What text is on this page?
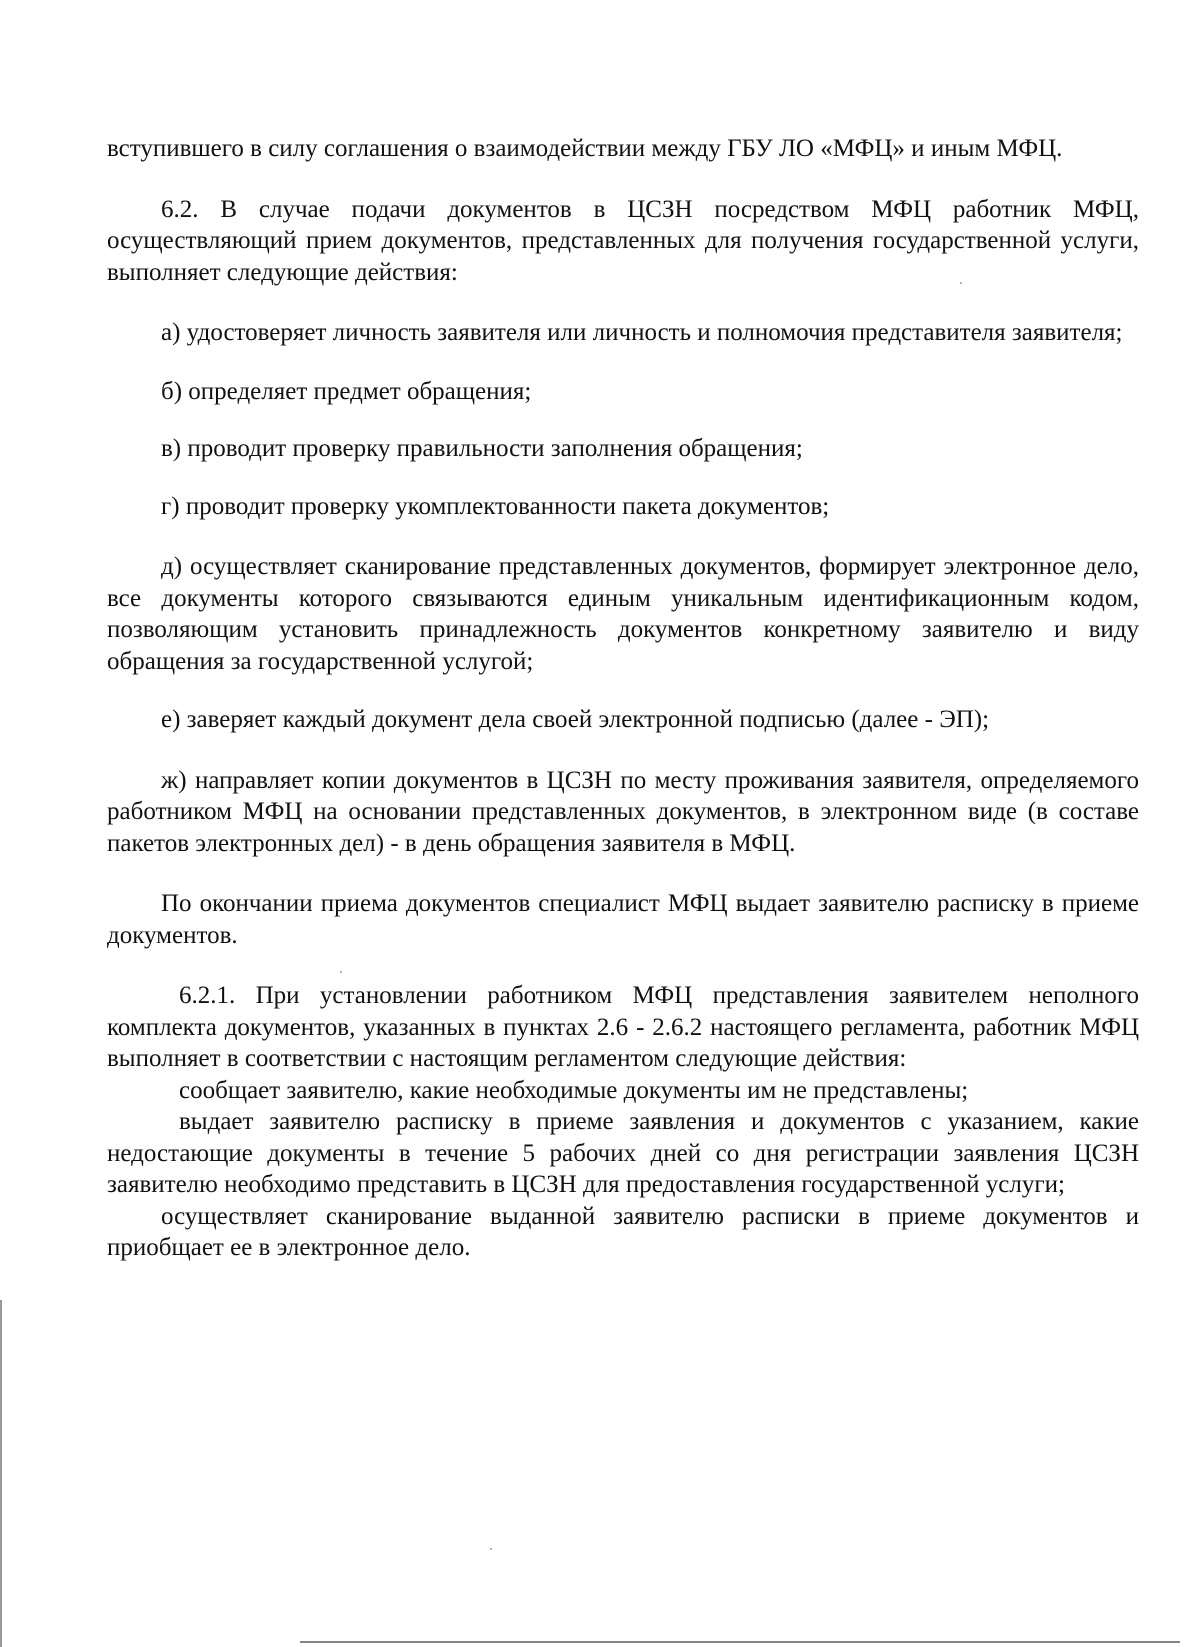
вступившего в силу соглашения о взаимодействии между ГБУ ЛО «МФЦ» и иным МФЦ.

6.2. В случае подачи документов в ЦСЗН посредством МФЦ работник МФЦ, осуществляющий прием документов, представленных для получения государственной услуги, выполняет следующие действия:

а) удостоверяет личность заявителя или личность и полномочия представителя заявителя;

б) определяет предмет обращения;

в) проводит проверку правильности заполнения обращения;

г) проводит проверку укомплектованности пакета документов;

д) осуществляет сканирование представленных документов, формирует электронное дело, все документы которого связываются единым уникальным идентификационным кодом, позволяющим установить принадлежность документов конкретному заявителю и виду обращения за государственной услугой;

е) заверяет каждый документ дела своей электронной подписью (далее - ЭП);

ж) направляет копии документов в ЦСЗН по месту проживания заявителя, определяемого работником МФЦ на основании представленных документов, в электронном виде (в составе пакетов электронных дел) - в день обращения заявителя в МФЦ.

По окончании приема документов специалист МФЦ выдает заявителю расписку в приеме документов.

6.2.1. При установлении работником МФЦ представления заявителем неполного комплекта документов, указанных в пунктах 2.6 - 2.6.2 настоящего регламента, работник МФЦ выполняет в соответствии с настоящим регламентом следующие действия:

сообщает заявителю, какие необходимые документы им не представлены;

выдает заявителю расписку в приеме заявления и документов с указанием, какие недостающие документы в течение 5 рабочих дней со дня регистрации заявления ЦСЗН заявителю необходимо представить в ЦСЗН для предоставления государственной услуги;

осуществляет сканирование выданной заявителю расписки в приеме документов и приобщает ее в электронное дело.
